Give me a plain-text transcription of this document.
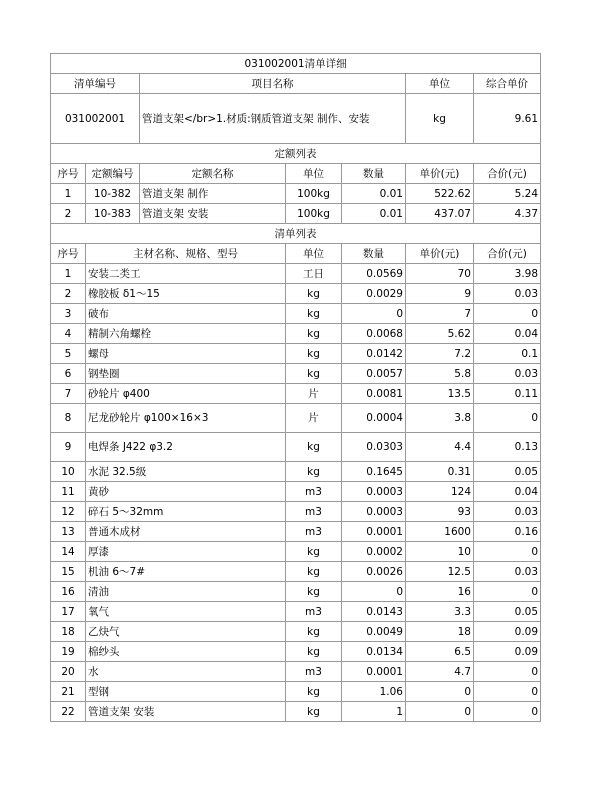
031002001清单详细						
清单编号		项目名称			单位	综合单价
031002001		管道支架</br>1.材质:钢质管道支架 制作、安装			kg	9.61
定额列表						
序号	定额编号	定额名称	单位	数量	单价(元)	合价(元)
1	10-382	管道支架 制作	100kg	0.01	522.62	5.24
2	10-383	管道支架 安装	100kg	0.01	437.07	4.37
清单列表						
序号	主材名称、规格、型号		单位	数量	单价(元)	合价(元)
1	安装二类工		工日	0.0569	70	3.98
2	橡胶板 δ1～15		kg	0.0029	9	0.03
3	破布		kg	0	7	0
4	精制六角螺栓		kg	0.0068	5.62	0.04
5	螺母		kg	0.0142	7.2	0.1
6	钢垫圈		kg	0.0057	5.8	0.03
7	砂轮片 φ400		片	0.0081	13.5	0.11
8	尼龙砂轮片 φ100×16×3		片	0.0004	3.8	0
9	电焊条 J422 φ3.2		kg	0.0303	4.4	0.13
10	水泥 32.5级		kg	0.1645	0.31	0.05
11	黄砂		m3	0.0003	124	0.04
12	碎石 5～32mm		m3	0.0003	93	0.03
13	普通木成材		m3	0.0001	1600	0.16
14	厚漆		kg	0.0002	10	0
15	机油 6～7#		kg	0.0026	12.5	0.03
16	清油		kg	0	16	0
17	氧气		m3	0.0143	3.3	0.05
18	乙炔气		kg	0.0049	18	0.09
19	棉纱头		kg	0.0134	6.5	0.09
20	水		m3	0.0001	4.7	0
21	型钢		kg	1.06	0	0
22	管道支架 安装		kg	1	0	0
